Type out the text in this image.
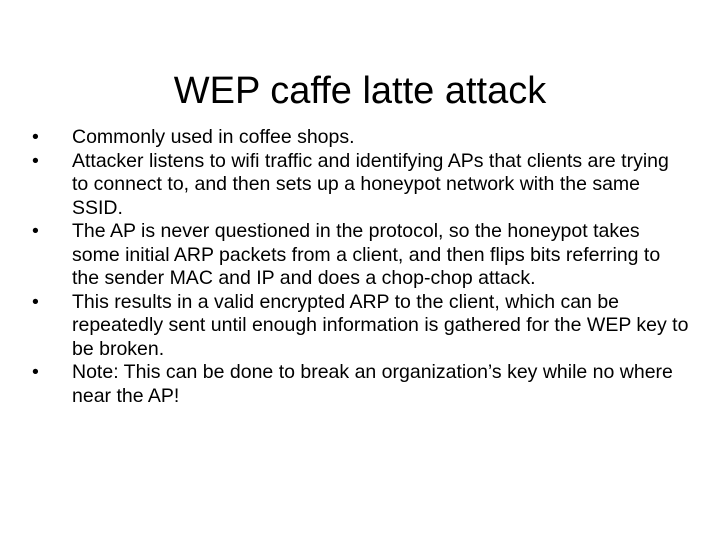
WEP caffe latte attack
•	Commonly used in coffee shops.
•	Attacker listens to wifi traffic and identifying APs that clients are trying to connect to, and then sets up a honeypot network with the same SSID.
•	The AP is never questioned in the protocol, so the honeypot takes some initial ARP packets from a client, and then flips bits referring to the sender MAC and IP and does a chop-chop attack.
•	This results in a valid encrypted ARP to the client, which can be repeatedly sent until enough information is gathered for the WEP key to be broken.
•	Note: This can be done to break an organization’s key while no where near the AP!
